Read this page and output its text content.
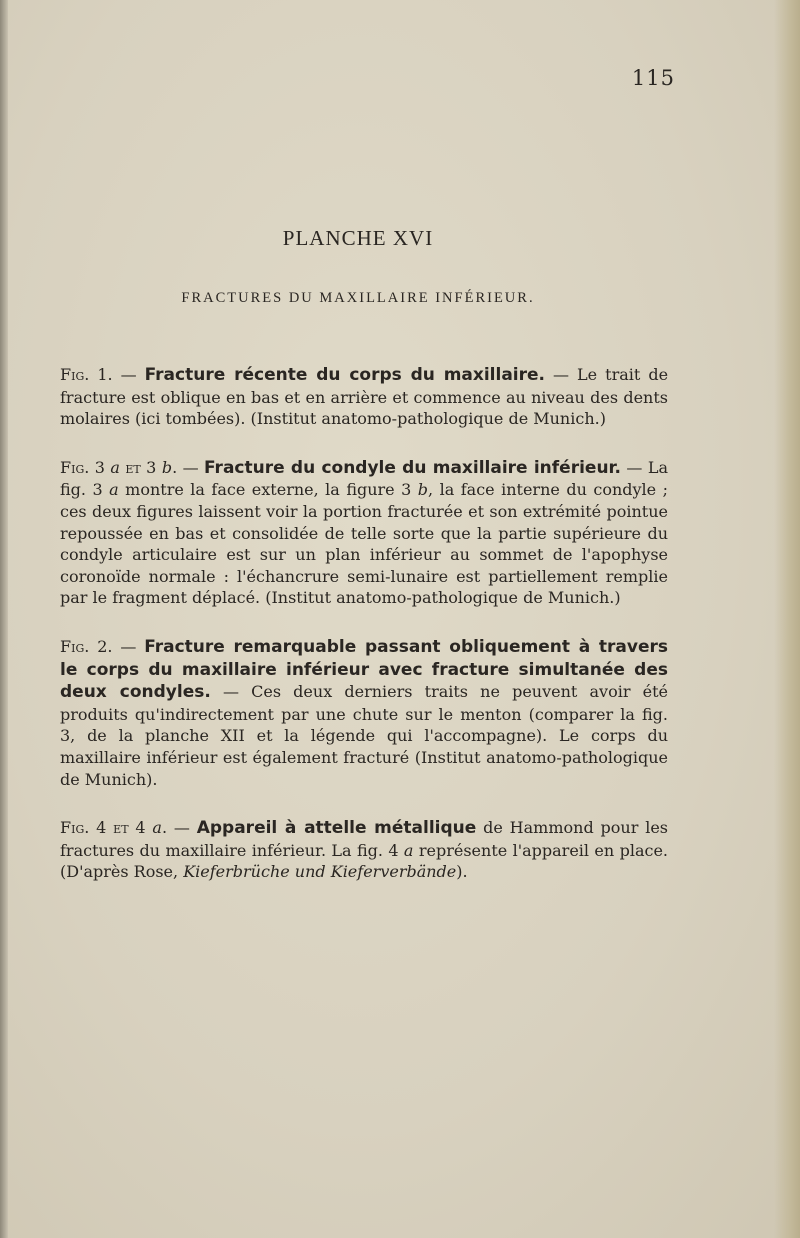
115
PLANCHE XVI
FRACTURES DU MAXILLAIRE INFÉRIEUR.

Fig. 1. — Fracture récente du corps du maxillaire. — Le trait de fracture est oblique en bas et en arrière et commence au niveau des dents molaires (ici tombées). (Institut anatomo-pathologique de Munich.)

Fig. 3 a et 3 b. — Fracture du condyle du maxillaire inférieur. — La fig. 3 a montre la face externe, la figure 3 b, la face interne du condyle ; ces deux figures laissent voir la portion fracturée et son extrémité pointue repoussée en bas et consolidée de telle sorte que la partie supérieure du condyle articulaire est sur un plan inférieur au sommet de l'apophyse coronoïde normale : l'échancrure semi-lunaire est partiellement remplie par le fragment déplacé. (Institut anatomo-pathologique de Munich.)

Fig. 2. — Fracture remarquable passant obliquement à travers le corps du maxillaire inférieur avec fracture simultanée des deux condyles. — Ces deux derniers traits ne peuvent avoir été produits qu'indirectement par une chute sur le menton (comparer la fig. 3, de la planche XII et la légende qui l'accompagne). Le corps du maxillaire inférieur est également fracturé (Institut anatomo-pathologique de Munich).

Fig. 4 et 4 a. — Appareil à attelle métallique de Hammond pour les fractures du maxillaire inférieur. La fig. 4 a représente l'appareil en place. (D'après Rose, Kieferbrüche und Kieferverbände).
